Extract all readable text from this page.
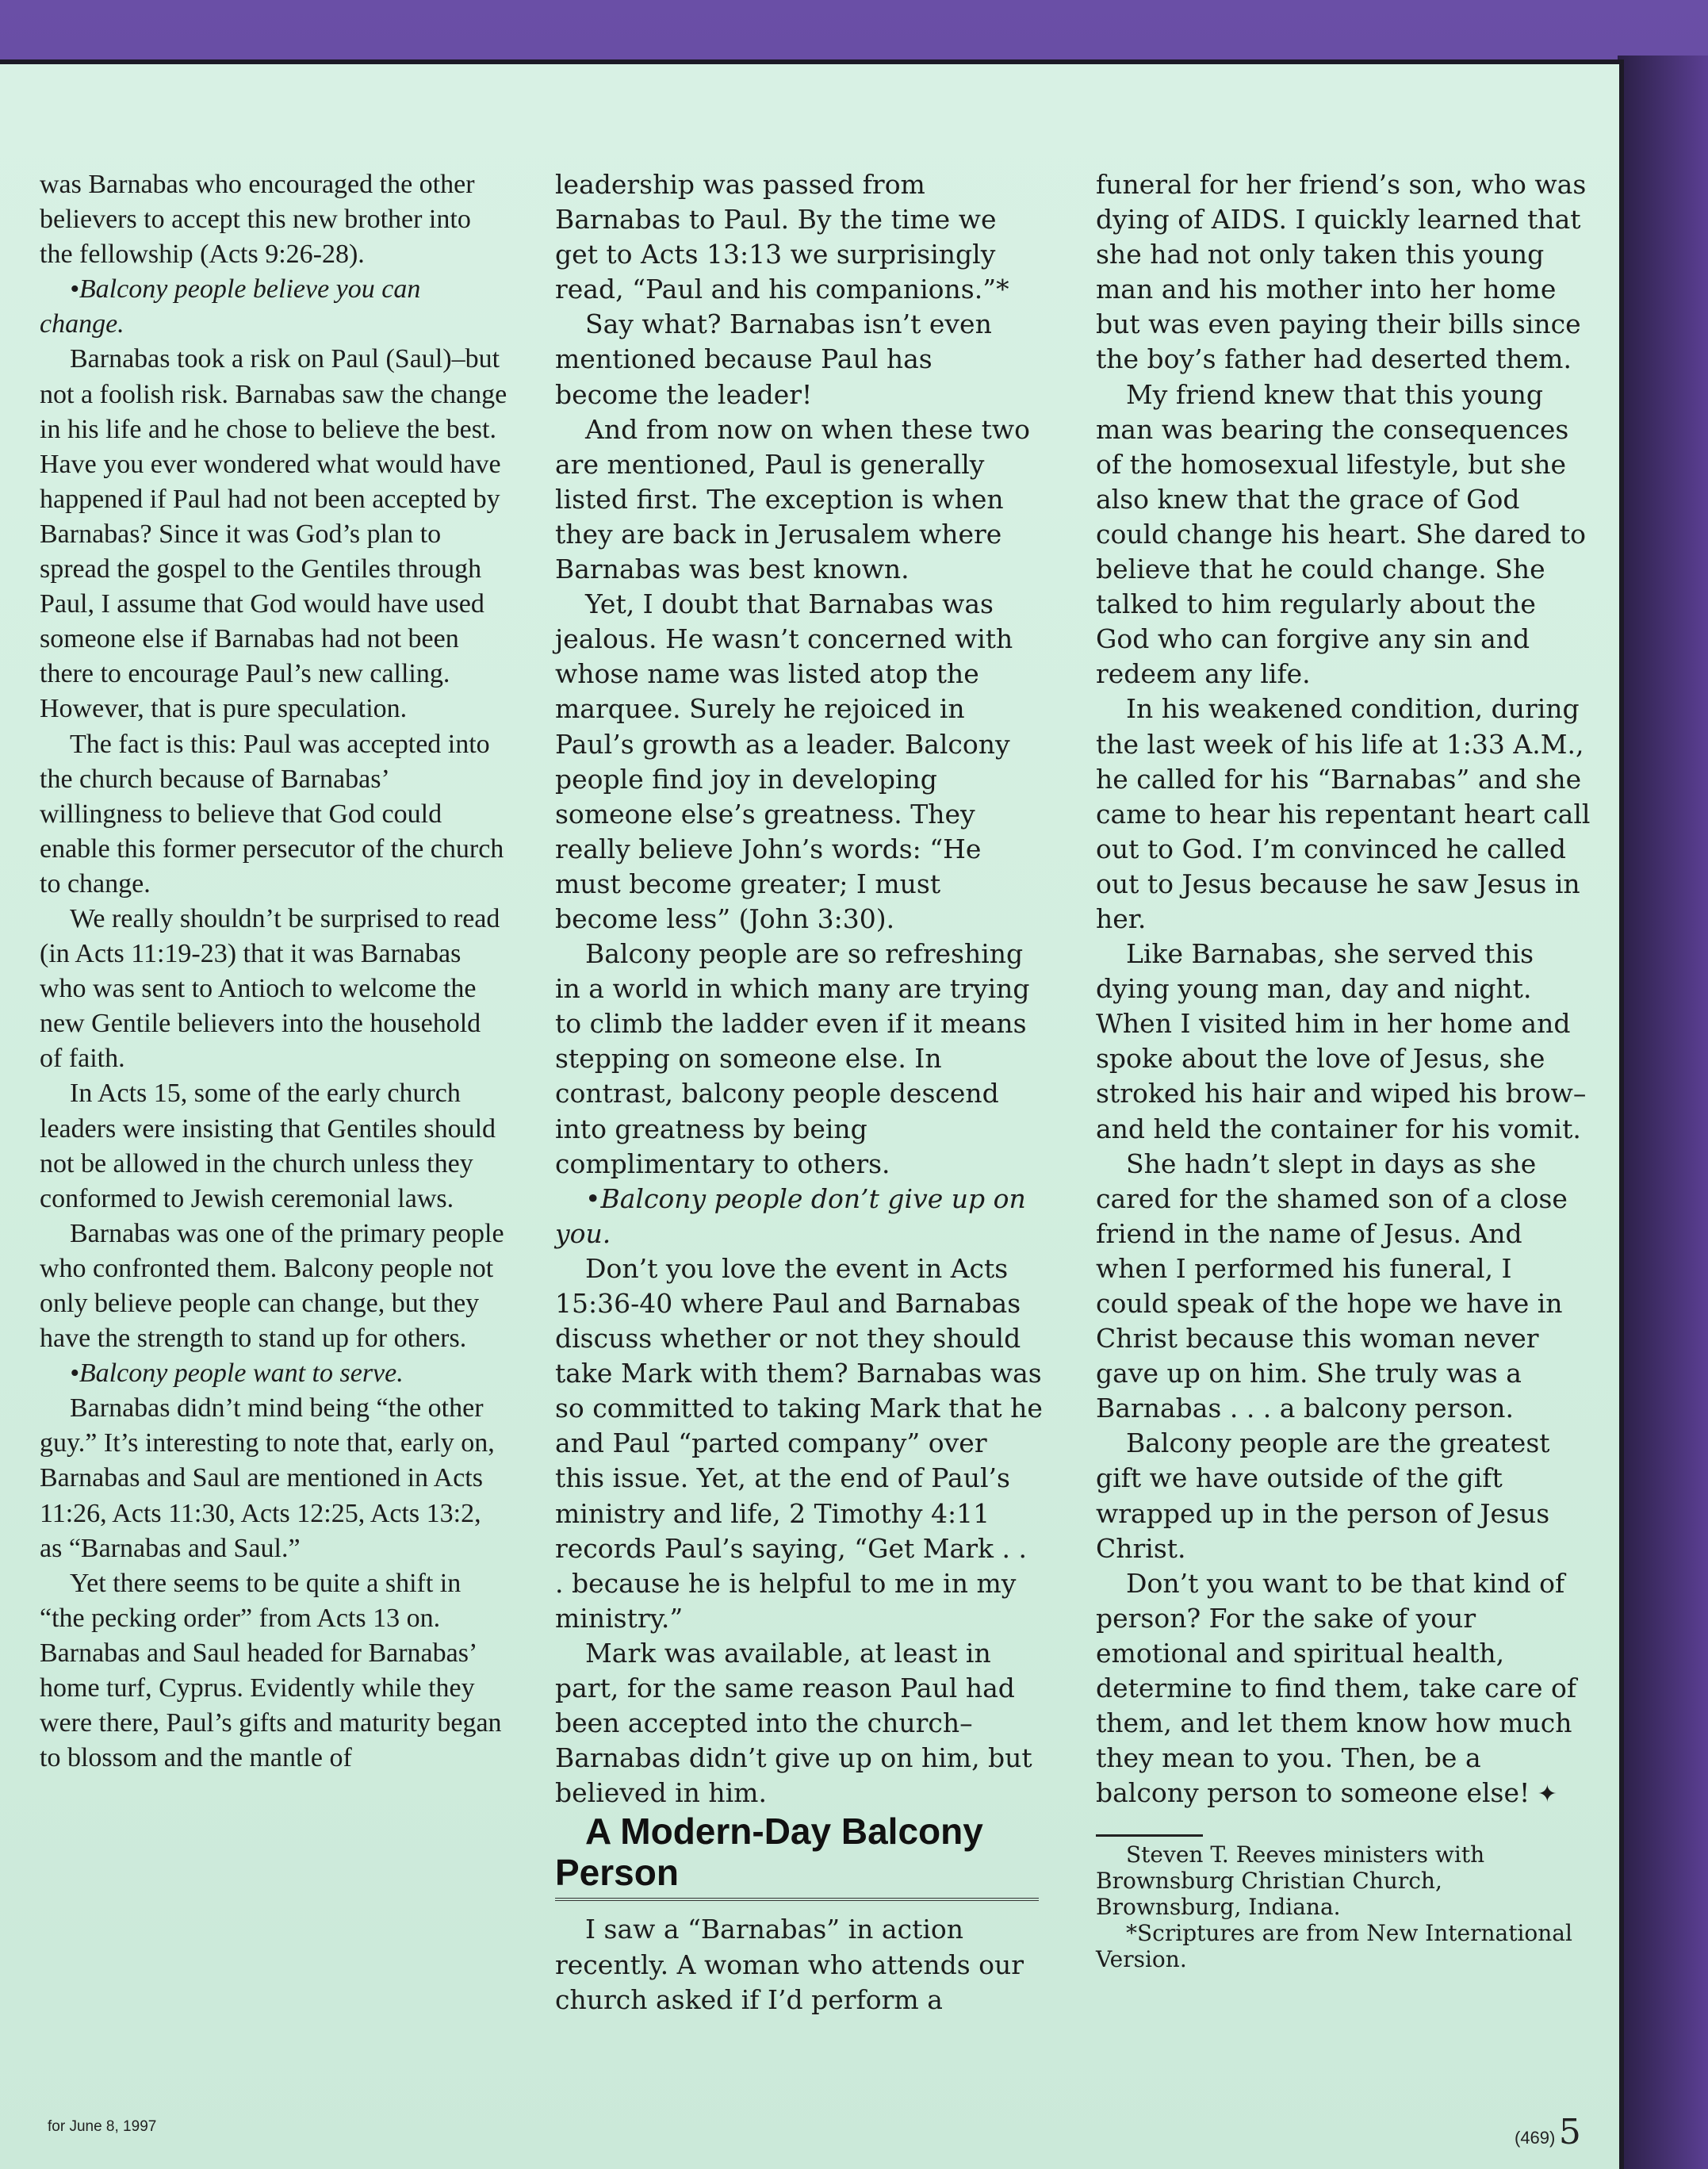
was Barnabas who encouraged the other believers to accept this new brother into the fellowship (Acts 9:26-28).

•Balcony people believe you can change.

Barnabas took a risk on Paul (Saul)–but not a foolish risk. Barnabas saw the change in his life and he chose to believe the best. Have you ever wondered what would have happened if Paul had not been accepted by Barnabas? Since it was God’s plan to spread the gospel to the Gentiles through Paul, I assume that God would have used someone else if Barnabas had not been there to encourage Paul’s new calling. However, that is pure speculation.

The fact is this: Paul was accepted into the church because of Barnabas’ willingness to believe that God could enable this former persecutor of the church to change.

We really shouldn’t be surprised to read (in Acts 11:19-23) that it was Barnabas who was sent to Antioch to welcome the new Gentile believers into the household of faith.

In Acts 15, some of the early church leaders were insisting that Gentiles should not be allowed in the church unless they conformed to Jewish ceremonial laws.

Barnabas was one of the primary people who confronted them. Balcony people not only believe people can change, but they have the strength to stand up for others.

•Balcony people want to serve.

Barnabas didn’t mind being “the other guy.” It’s interesting to note that, early on, Barnabas and Saul are mentioned in Acts 11:26, Acts 11:30, Acts 12:25, Acts 13:2, as “Barnabas and Saul.”

Yet there seems to be quite a shift in “the pecking order” from Acts 13 on. Barnabas and Saul headed for Barnabas’ home turf, Cyprus. Evidently while they were there, Paul’s gifts and maturity began to blossom and the mantle of

leadership was passed from Barnabas to Paul. By the time we get to Acts 13:13 we surprisingly read, “Paul and his companions.”*

Say what? Barnabas isn’t even mentioned because Paul has become the leader!

And from now on when these two are mentioned, Paul is generally listed first. The exception is when they are back in Jerusalem where Barnabas was best known.

Yet, I doubt that Barnabas was jealous. He wasn’t concerned with whose name was listed atop the marquee. Surely he rejoiced in Paul’s growth as a leader. Balcony people find joy in developing someone else’s greatness. They really believe John’s words: “He must become greater; I must become less” (John 3:30).

Balcony people are so refreshing in a world in which many are trying to climb the ladder even if it means stepping on someone else. In contrast, balcony people descend into greatness by being complimentary to others.

•Balcony people don’t give up on you.

Don’t you love the event in Acts 15:36-40 where Paul and Barnabas discuss whether or not they should take Mark with them? Barnabas was so committed to taking Mark that he and Paul “parted company” over this issue. Yet, at the end of Paul’s ministry and life, 2 Timothy 4:11 records Paul’s saying, “Get Mark . . . because he is helpful to me in my ministry.”

Mark was available, at least in part, for the same reason Paul had been accepted into the church–Barnabas didn’t give up on him, but believed in him.

A Modern-Day Balcony Person

I saw a “Barnabas” in action recently. A woman who attends our church asked if I’d perform a

funeral for her friend’s son, who was dying of AIDS. I quickly learned that she had not only taken this young man and his mother into her home but was even paying their bills since the boy’s father had deserted them.

My friend knew that this young man was bearing the consequences of the homosexual lifestyle, but she also knew that the grace of God could change his heart. She dared to believe that he could change. She talked to him regularly about the God who can forgive any sin and redeem any life.

In his weakened condition, during the last week of his life at 1:33 A.M., he called for his “Barnabas” and she came to hear his repentant heart call out to God. I’m convinced he called out to Jesus because he saw Jesus in her.

Like Barnabas, she served this dying young man, day and night. When I visited him in her home and spoke about the love of Jesus, she stroked his hair and wiped his brow–and held the container for his vomit.

She hadn’t slept in days as she cared for the shamed son of a close friend in the name of Jesus. And when I performed his funeral, I could speak of the hope we have in Christ because this woman never gave up on him. She truly was a Barnabas . . . a balcony person.

Balcony people are the greatest gift we have outside of the gift wrapped up in the person of Jesus Christ.

Don’t you want to be that kind of person? For the sake of your emotional and spiritual health, determine to find them, take care of them, and let them know how much they mean to you. Then, be a balcony person to someone else! ✦

Steven T. Reeves ministers with Brownsburg Christian Church, Brownsburg, Indiana.

*Scriptures are from New International Version.

for June 8, 1997
(469) 5
